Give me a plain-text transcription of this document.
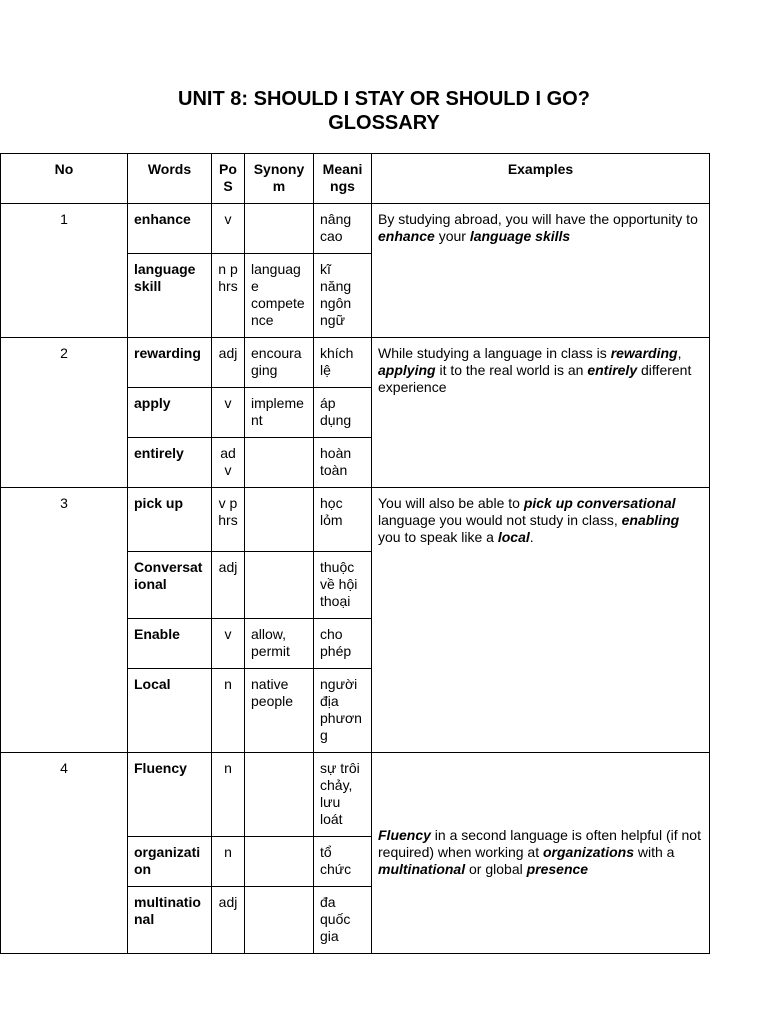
UNIT 8: SHOULD I STAY OR SHOULD I GO?
GLOSSARY
No	Words	PoS	Synonym	Meanings	Examples
1	enhance	v		nâng cao	By studying abroad, you will have the opportunity to enhance your language skills
	language skill	n phrs	language competence	kĩ năng ngôn ngữ	
2	rewarding	adj	encouraging	khích lệ	While studying a language in class is rewarding, applying it to the real world is an entirely different experience
	apply	v	implement	áp dụng	
	entirely	adv		hoàn toàn	
3	pick up	v phrs		học lỏm	You will also be able to pick up conversational language you would not study in class, enabling you to speak like a local.
	Conversational	adj		thuộc về hội thoại	
	Enable	v	allow, permit	cho phép	
	Local	n	native people	người địa phương	
4	Fluency	n		sự trôi chảy, lưu loát	Fluency in a second language is often helpful (if not required) when working at organizations with a multinational or global presence
	organization	n		tổ chức	
	multinational	adj		đa quốc gia	
